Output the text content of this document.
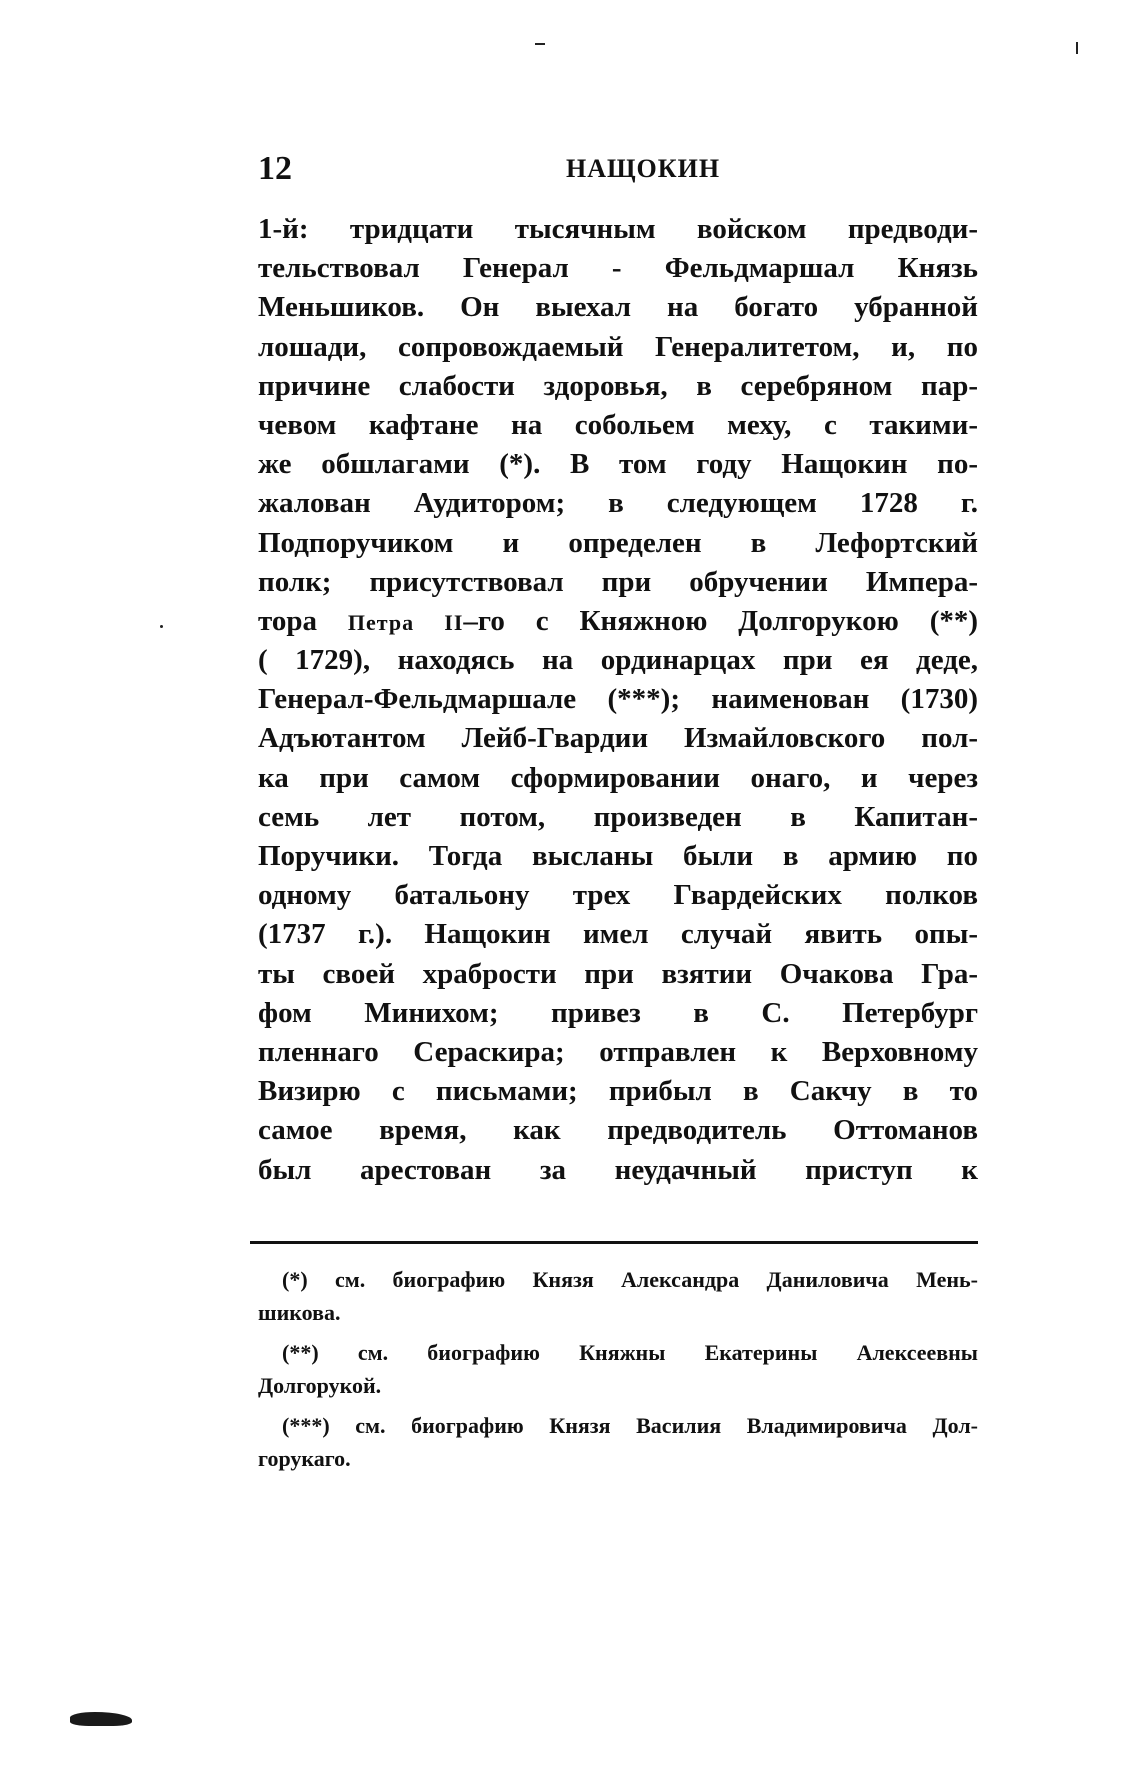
12	НАЩОКИН
1-й: тридцати тысячным войском предводи-
тельствовал Генерал - Фельдмаршал Князь
Меньшиков. Он выехал на богато убранной
лошади, сопровождаемый Генералитетом, и, по
причине слабости здоровья, в серебряном пар-
чевом кафтане на собольем меху, с такими-
же обшлагами (*). В том году Нащокин по-
жалован Аудитором; в следующем 1728 г.
Подпоручиком и определен в Лефортский
полк; присутствовал при обручении Импера-
тора Петра II–го с Княжною Долгорукою (**)
( 1729), находясь на ординарцах при ея деде,
Генерал-Фельдмаршале (***); наименован (1730)
Адъютантом Лейб-Гвардии Измайловского пол-
ка при самом сформировании онаго, и через
семь лет потом, произведен в Капитан-
Поручики. Тогда высланы были в армию по
одному батальону трех Гвардейских полков
(1737 г.). Нащокин имел случай явить опы-
ты своей храбрости при взятии Очакова Гра-
фом Минихом; привез в С. Петербург
пленнаго Сераскира; отправлен к Верховному
Визирю с письмами; прибыл в Сакчу в то
самое время, как предводитель Оттоманов
был арестован за неудачный приступ к
(*) см. биографию Князя Александра Даниловича Мень-
шикова.
(**) см. биографию Княжны Екатерины Алексеевны
Долгорукой.
(***) см. биографию Князя Василия Владимировича Дол-
горукаго.
